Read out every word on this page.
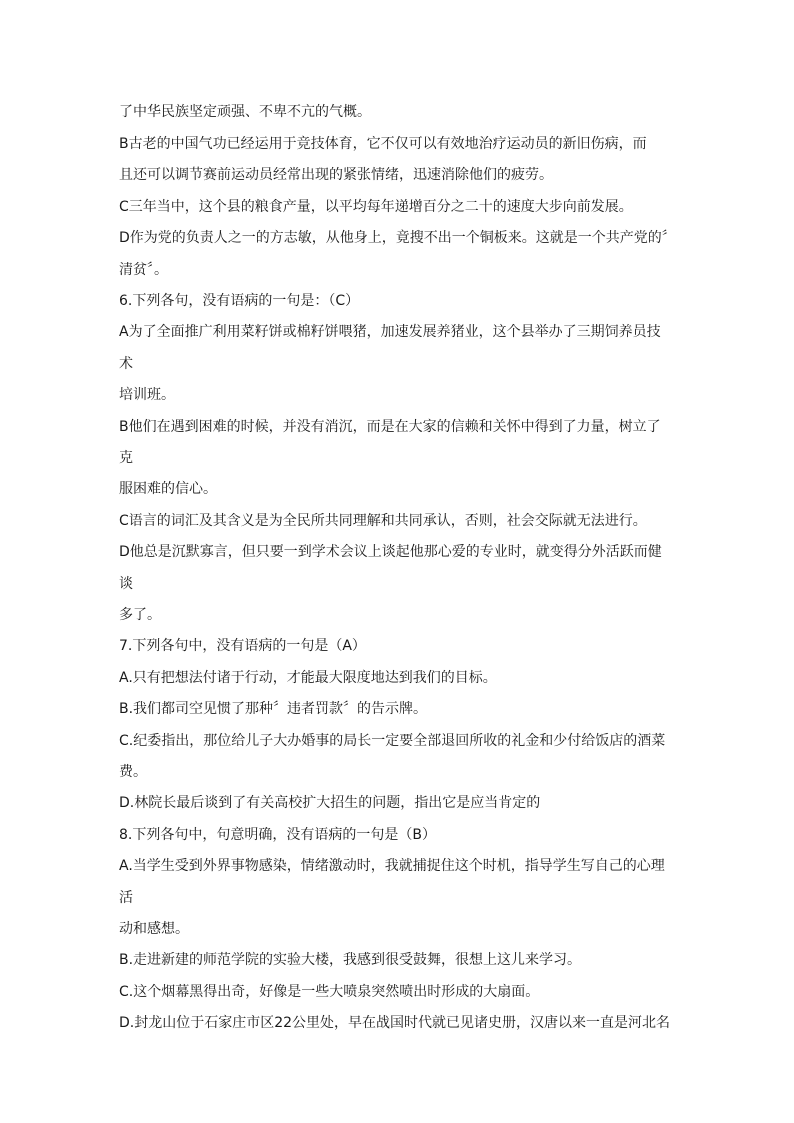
了中华民族坚定顽强、不卑不亢的气概。

B古老的中国气功已经运用于竞技体育，它不仅可以有效地治疗运动员的新旧伤病，而

且还可以调节赛前运动员经常出现的紧张情绪，迅速消除他们的疲劳。

C三年当中，这个县的粮食产量，以平均每年递增百分之二十的速度大步向前发展。

D作为党的负责人之一的方志敏，从他身上，竟搜不出一个铜板来。这就是一个共产党的〞

清贫〞。

6.下列各句，没有语病的一句是：（C）

A为了全面推广利用菜籽饼或棉籽饼喂猪，加速发展养猪业，这个县举办了三期饲养员技

术

培训班。

B他们在遇到困难的时候，并没有消沉，而是在大家的信赖和关怀中得到了力量，树立了

克

服困难的信心。

C语言的词汇及其含义是为全民所共同理解和共同承认，否则，社会交际就无法进行。

D他总是沉默寡言，但只要一到学术会议上谈起他那心爱的专业时，就变得分外活跃而健

谈

多了。

7.下列各句中，没有语病的一句是（A）

A.只有把想法付诸于行动，才能最大限度地达到我们的目标。

B.我们都司空见惯了那种〞违者罚款〞的告示牌。

C.纪委指出，那位给儿子大办婚事的局长一定要全部退回所收的礼金和少付给饭店的酒菜

费。

D.林院长最后谈到了有关高校扩大招生的问题，指出它是应当肯定的

8.下列各句中，句意明确，没有语病的一句是（B）

A.当学生受到外界事物感染，情绪激动时，我就捕捉住这个时机，指导学生写自己的心理

活

动和感想。

B.走进新建的师范学院的实验大楼，我感到很受鼓舞，很想上这儿来学习。

C.这个烟幕黑得出奇，好像是一些大喷泉突然喷出时形成的大扇面。

D.封龙山位于石家庄市区22公里处，早在战国时代就已见诸史册，汉唐以来一直是河北名
